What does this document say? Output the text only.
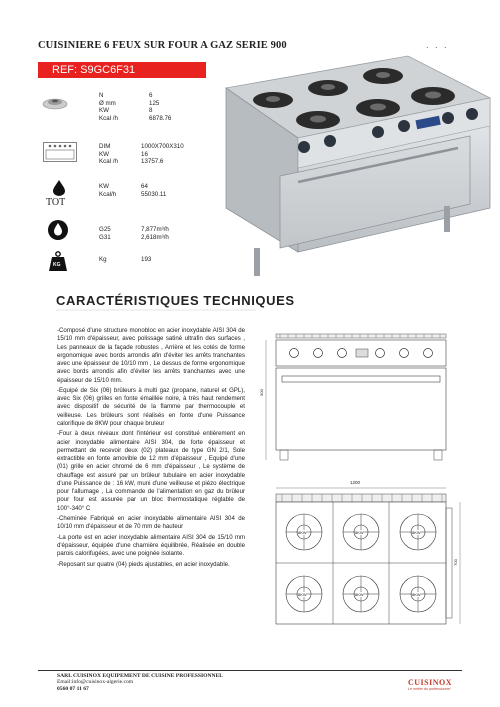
CUISINIERE 6 FEUX SUR FOUR A GAZ SERIE 900	. . .
REF: S9GC6F31
N	6
Ø mm	125
KW	8
Kcal /h	6878.76
DIM	1000X700X310
KW	16
Kcal /h	13757.6
TOT
KW	64
Kcal/h	55030.11
G25	7,877m³/h
G31	2,618m³/h
KG
Kg	193
CARACTÉRISTIQUES TECHNIQUES

-Composé d'une structure monobloc en acier inoxydable AISI 304 de 15/10 mm d'épaisseur, avec polissage satiné ultrafin des surfaces , Les panneaux de la façade robustes , Arrière et les cotés de forme ergonomique avec bords arrondis afin d'éviter les arrêts tranchantes avec une épaisseur de 10/10 mm , Le dessus de forme ergonomique avec bords arrondis afin d'éviter les arrêts tranchantes avec une épaisseur de 15/10 mm.

-Equipé de Six (06) brûleurs à multi gaz (propane, naturel et GPL), avec Six (06) grilles en fonte émaillée noire, à très haut rendement avec dispositif de sécurité de la flamme par thermocouple et veilleuse. Les brûleurs sont réalisés en fonte d'une Puissance calorifique de 8KW pour chaque bruleur

-Four à deux niveaux dont l'intérieur est constitué entièrement en acier inoxydable alimentaire AISI 304, de forte épaisseur et permettant de recevoir deux (02) plateaux de type GN 2/1, Sole extractible en fonte amovible de 12 mm d'épaisseur , Equipé d'une (01) grille en acier chromé de 6 mm d'épaisseur , Le système de chauffage est assuré par un brûleur tubulaire en acier inoxydable d'une Puissance de : 16 kW, muni d'une veilleuse et piézo électrique pour l'allumage , La commande de l'alimentation en gaz du brûleur pour four est assurée par un bloc thermostatique réglable de 100°-340° C

-Cheminée Fabriqué en acier inoxydable alimentaire AISI 304 de 10/10 mm d'épaisseur et de 70 mm de hauteur

-La porte est en acier inoxydable alimentaire AISI 304 de 15/10 mm d'épaisseur, équipée d'une charnière équilibrée, Réalisée en double parois calorifugées, avec une poignée isolante.

-Reposant sur quatre (04) pieds ajustables, en acier inoxydable.

900
1200
8KW	8KW	8KW
8KW	8KW	8KW
700
SARL CUISINOX EQUIPEMENT DE CUISINE PROFESSIONNEL
Email:info@cuisinox-algerie.com
0560 07 11 67
CUISINOX
Le métier du professionnel
